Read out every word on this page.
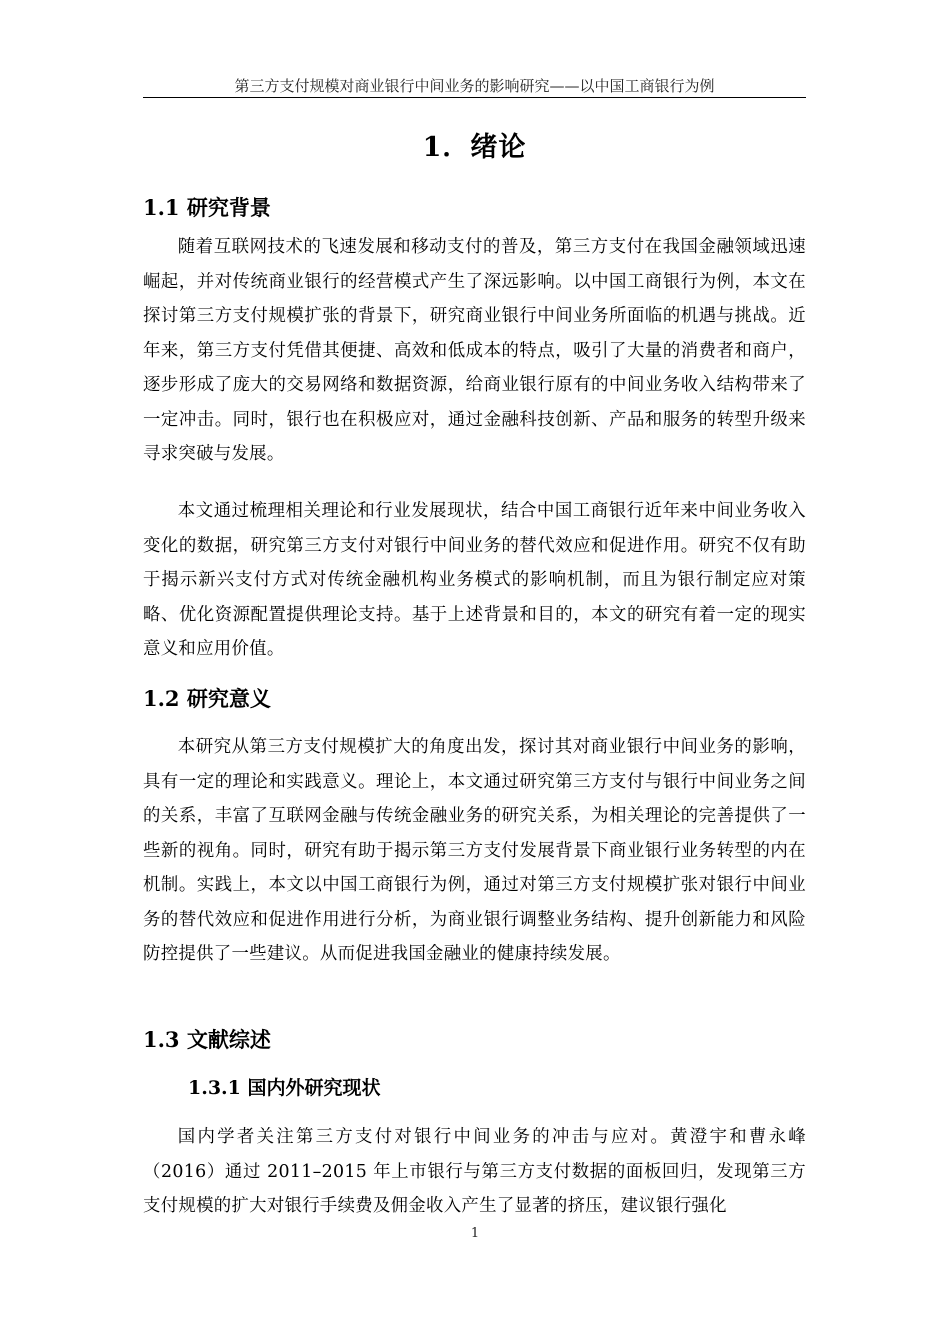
第三方支付规模对商业银行中间业务的影响研究——以中国工商银行为例
1．绪论
1.1 研究背景

随着互联网技术的飞速发展和移动支付的普及，第三方支付在我国金融领域迅速崛起，并对传统商业银行的经营模式产生了深远影响。以中国工商银行为例，本文在探讨第三方支付规模扩张的背景下，研究商业银行中间业务所面临的机遇与挑战。近年来，第三方支付凭借其便捷、高效和低成本的特点，吸引了大量的消费者和商户，逐步形成了庞大的交易网络和数据资源，给商业银行原有的中间业务收入结构带来了一定冲击。同时，银行也在积极应对，通过金融科技创新、产品和服务的转型升级来寻求突破与发展。

本文通过梳理相关理论和行业发展现状，结合中国工商银行近年来中间业务收入变化的数据，研究第三方支付对银行中间业务的替代效应和促进作用。研究不仅有助于揭示新兴支付方式对传统金融机构业务模式的影响机制，而且为银行制定应对策略、优化资源配置提供理论支持。基于上述背景和目的，本文的研究有着一定的现实意义和应用价值。

1.2 研究意义

本研究从第三方支付规模扩大的角度出发，探讨其对商业银行中间业务的影响，具有一定的理论和实践意义。理论上，本文通过研究第三方支付与银行中间业务之间的关系，丰富了互联网金融与传统金融业务的研究关系，为相关理论的完善提供了一些新的视角。同时，研究有助于揭示第三方支付发展背景下商业银行业务转型的内在机制。实践上，本文以中国工商银行为例，通过对第三方支付规模扩张对银行中间业务的替代效应和促进作用进行分析，为商业银行调整业务结构、提升创新能力和风险防控提供了一些建议。从而促进我国金融业的健康持续发展。

1.3 文献综述
1.3.1 国内外研究现状

国内学者关注第三方支付对银行中间业务的冲击与应对。黄澄宇和曹永峰（2016）通过 2011–2015 年上市银行与第三方支付数据的面板回归，发现第三方支付规模的扩大对银行手续费及佣金收入产生了显著的挤压，建议银行强化

1
